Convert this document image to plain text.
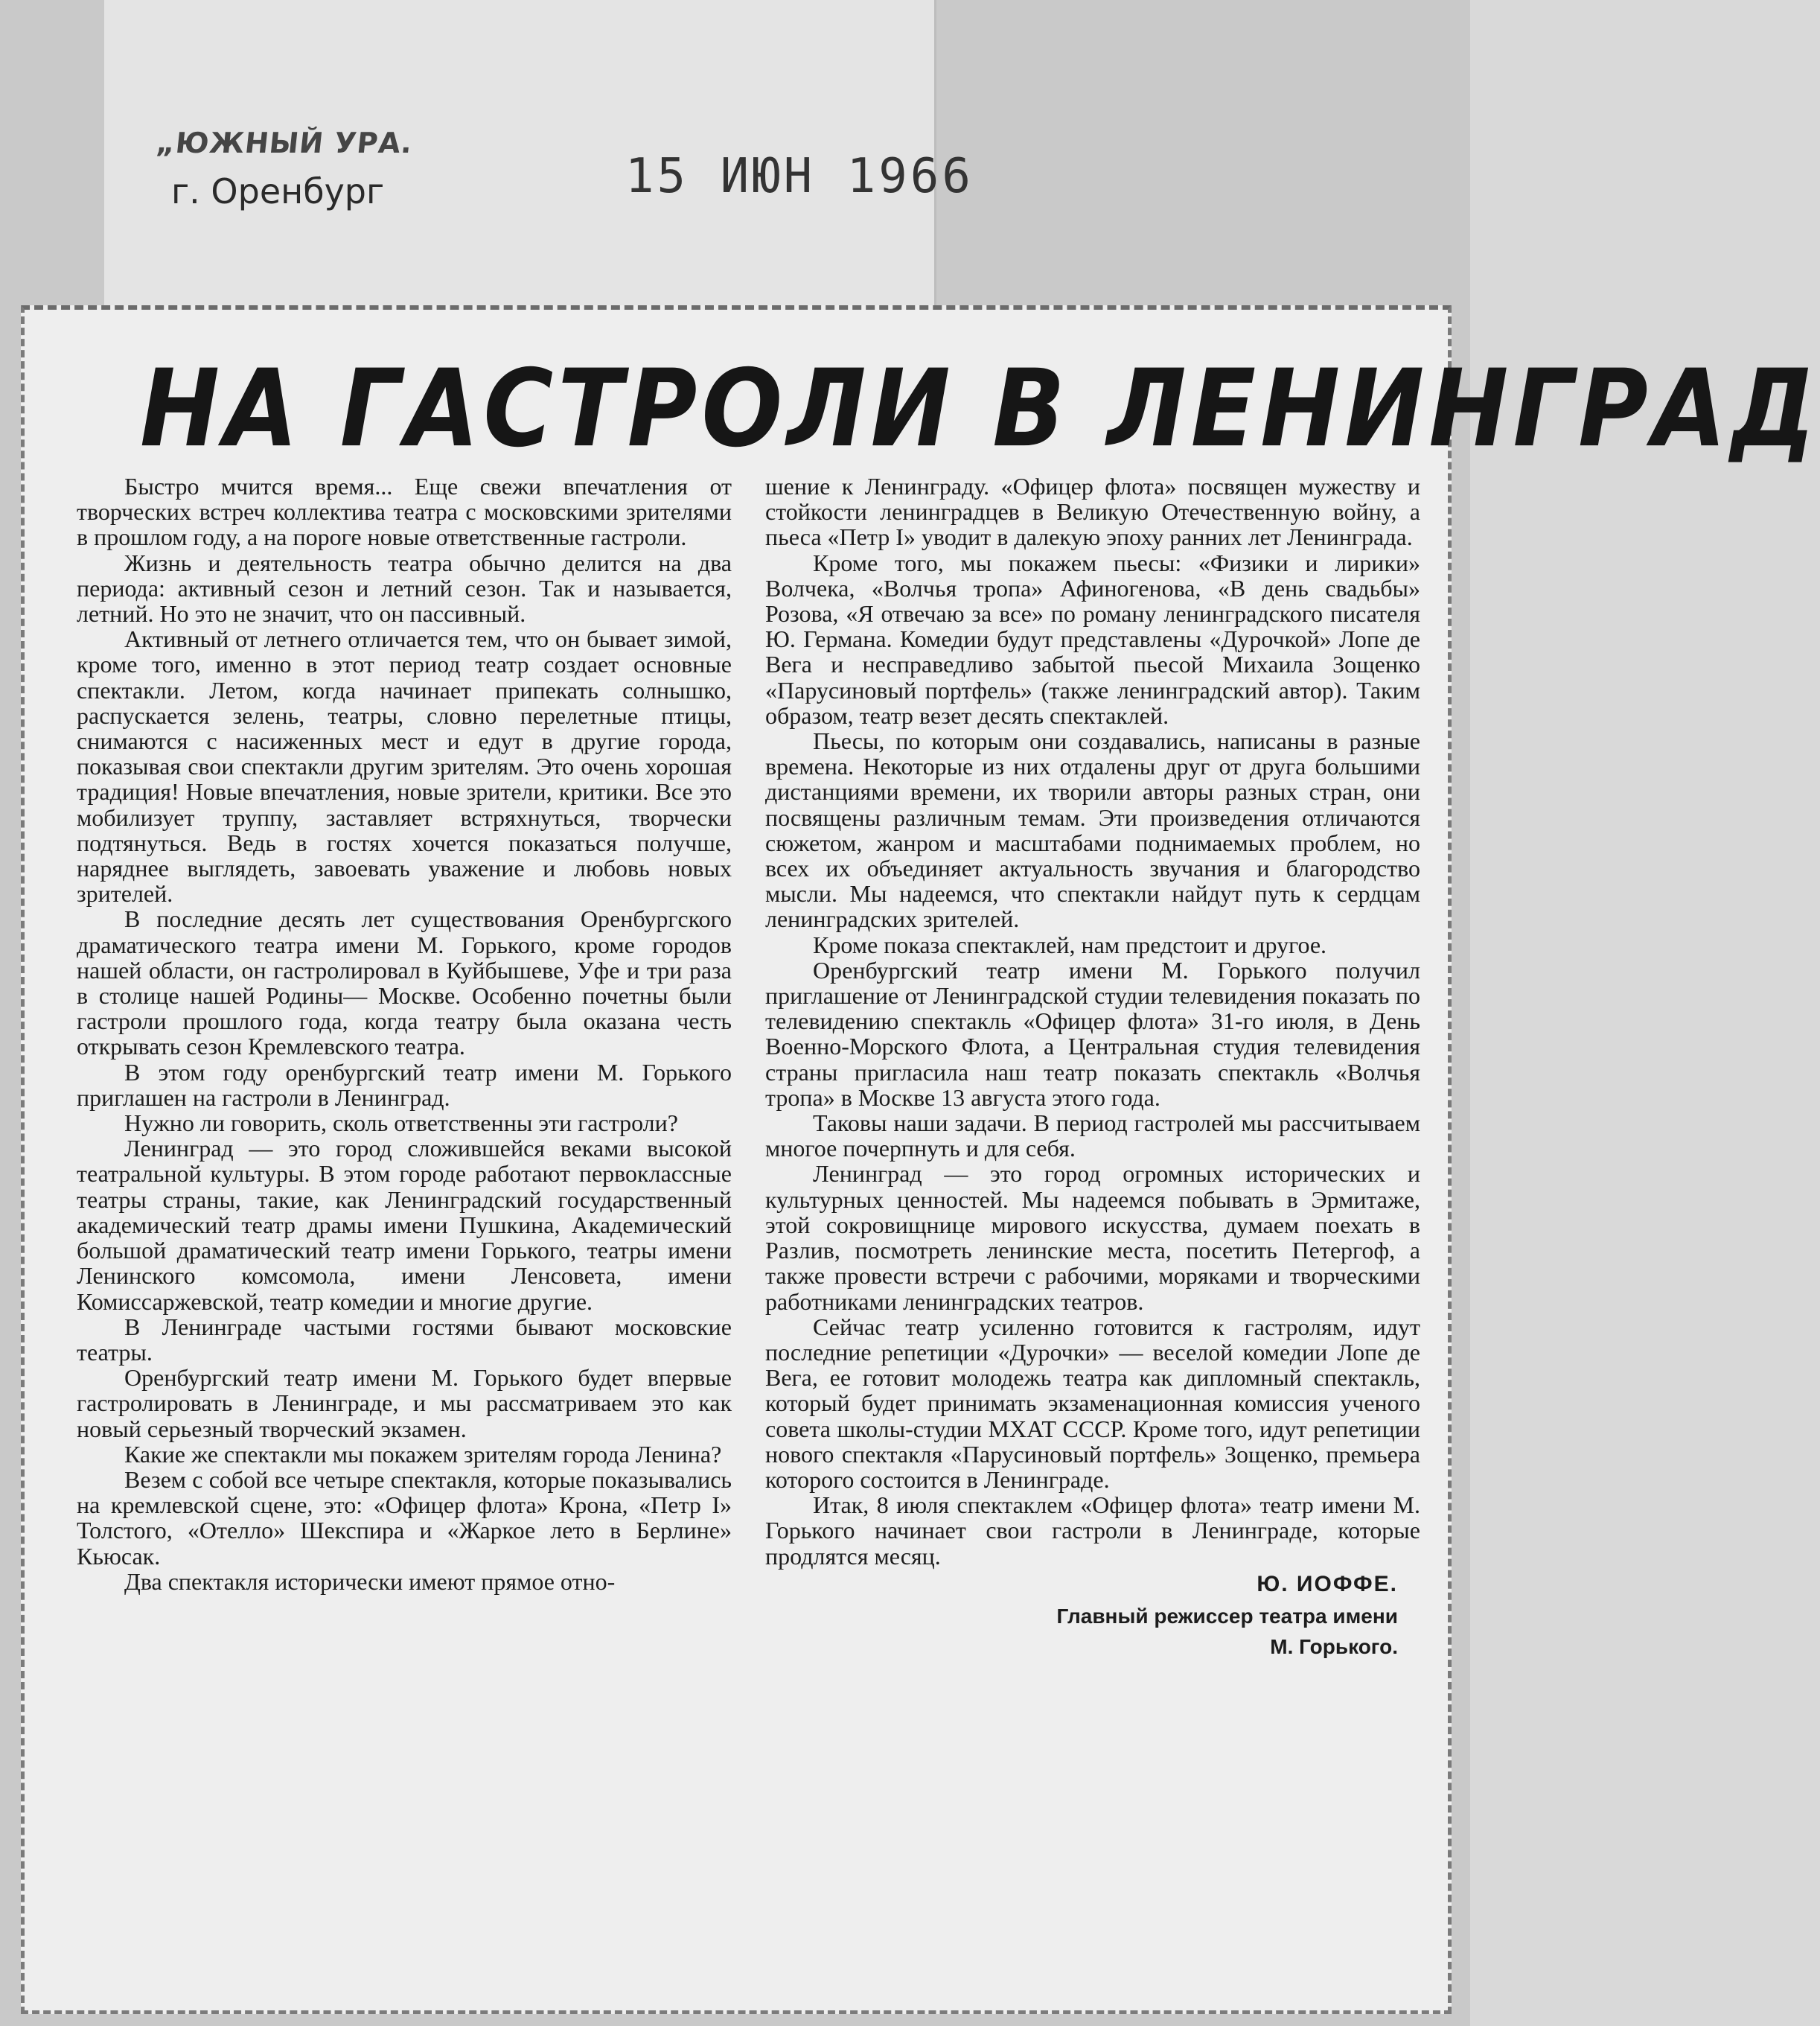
„ЮЖНЫЙ УРА.
г. Оренбург	15 ИЮН 1966
НА ГАСТРОЛИ В ЛЕНИНГРАД

Быстро мчится время... Еще свежи впечатления от творческих встреч коллектива театра с московскими зрителями в прошлом году, а на пороге новые ответственные гастроли.

Жизнь и деятельность театра обычно делится на два периода: активный сезон и летний сезон. Так и называется, летний. Но это не значит, что он пассивный.

Активный от летнего отличается тем, что он бывает зимой, кроме того, именно в этот период театр создает основные спектакли. Летом, когда начинает припекать солнышко, распускается зелень, театры, словно перелетные птицы, снимаются с насиженных мест и едут в другие города, показывая свои спектакли другим зрителям. Это очень хорошая традиция! Новые впечатления, новые зрители, критики. Все это мобилизует труппу, заставляет встряхнуться, творчески подтянуться. Ведь в гостях хочется показаться получше, наряднее выглядеть, завоевать уважение и любовь новых зрителей.

В последние десять лет существования Оренбургского драматического театра имени М. Горького, кроме городов нашей области, он гастролировал в Куйбышеве, Уфе и три раза в столице нашей Родины— Москве. Особенно почетны были гастроли прошлого года, когда театру была оказана честь открывать сезон Кремлевского театра.

В этом году оренбургский театр имени М. Горького приглашен на гастроли в Ленинград.

Нужно ли говорить, сколь ответственны эти гастроли?

Ленинград — это город сложившейся веками высокой театральной культуры. В этом городе работают первоклассные театры страны, такие, как Ленинградский государственный академический театр драмы имени Пушкина, Академический большой драматический театр имени Горького, театры имени Ленинского комсомола, имени Ленсовета, имени Комиссаржевской, театр комедии и многие другие.

В Ленинграде частыми гостями бывают московские театры.

Оренбургский театр имени М. Горького будет впервые гастролировать в Ленинграде, и мы рассматриваем это как новый серьезный творческий экзамен.

Какие же спектакли мы покажем зрителям города Ленина?

Везем с собой все четыре спектакля, которые показывались на кремлевской сцене, это: «Офицер флота» Крона, «Петр I» Толстого, «Отелло» Шекспира и «Жаркое лето в Берлине» Кьюсак.

Два спектакля исторически имеют прямое отно-

шение к Ленинграду. «Офицер флота» посвящен мужеству и стойкости ленинградцев в Великую Отечественную войну, а пьеса «Петр I» уводит в далекую эпоху ранних лет Ленинграда.

Кроме того, мы покажем пьесы: «Физики и лирики» Волчека, «Волчья тропа» Афиногенова, «В день свадьбы» Розова, «Я отвечаю за все» по роману ленинградского писателя Ю. Германа. Комедии будут представлены «Дурочкой» Лопе де Вега и несправедливо забытой пьесой Михаила Зощенко «Парусиновый портфель» (также ленинградский автор). Таким образом, театр везет десять спектаклей.

Пьесы, по которым они создавались, написаны в разные времена. Некоторые из них отдалены друг от друга большими дистанциями времени, их творили авторы разных стран, они посвящены различным темам. Эти произведения отличаются сюжетом, жанром и масштабами поднимаемых проблем, но всех их объединяет актуальность звучания и благородство мысли. Мы надеемся, что спектакли найдут путь к сердцам ленинградских зрителей.

Кроме показа спектаклей, нам предстоит и другое.

Оренбургский театр имени М. Горького получил приглашение от Ленинградской студии телевидения показать по телевидению спектакль «Офицер флота» 31-го июля, в День Военно-Морского Флота, а Центральная студия телевидения страны пригласила наш театр показать спектакль «Волчья тропа» в Москве 13 августа этого года.

Таковы наши задачи. В период гастролей мы рассчитываем многое почерпнуть и для себя.

Ленинград — это город огромных исторических и культурных ценностей. Мы надеемся побывать в Эрмитаже, этой сокровищнице мирового искусства, думаем поехать в Разлив, посмотреть ленинские места, посетить Петергоф, а также провести встречи с рабочими, моряками и творческими работниками ленинградских театров.

Сейчас театр усиленно готовится к гастролям, идут последние репетиции «Дурочки» — веселой комедии Лопе де Вега, ее готовит молодежь театра как дипломный спектакль, который будет принимать экзаменационная комиссия ученого совета школы-студии МХАТ СССР. Кроме того, идут репетиции нового спектакля «Парусиновый портфель» Зощенко, премьера которого состоится в Ленинграде.

Итак, 8 июля спектаклем «Офицер флота» театр имени М. Горького начинает свои гастроли в Ленинграде, которые продлятся месяц.

Ю. ИОФФЕ.
Главный режиссер театра имени
М. Горького.
